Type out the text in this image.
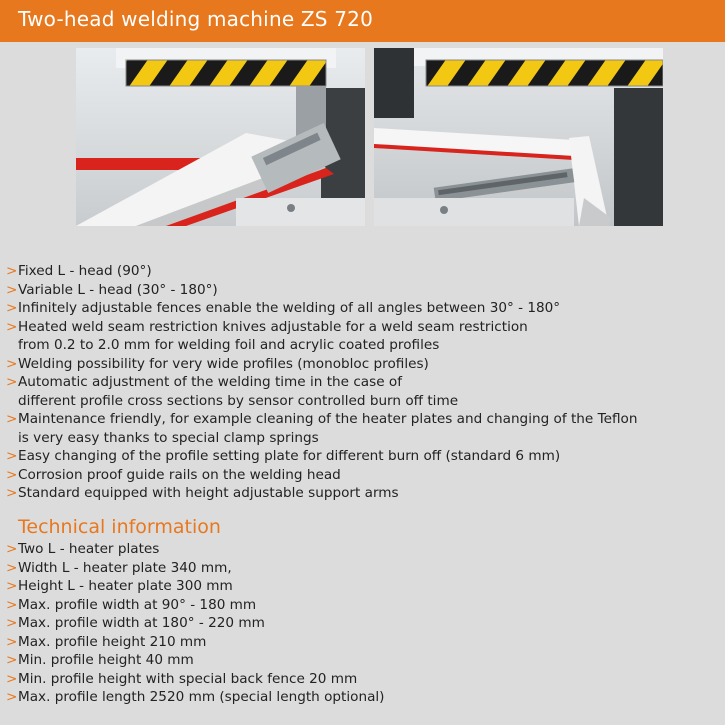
Two-head welding machine ZS 720
> Fixed L - head (90°)
> Variable L - head (30° - 180°)
> Infinitely adjustable fences enable the welding of all angles between 30° - 180°
> Heated weld seam restriction knives adjustable for a weld seam restriction
from 0.2 to 2.0 mm for welding foil and acrylic coated profiles
> Welding possibility for very wide profiles (monobloc profiles)
> Automatic adjustment of the welding time in the case of
different profile cross sections by sensor controlled burn off time
> Maintenance friendly, for example cleaning of the heater plates and changing of the Teflon
is very easy thanks to special clamp springs
> Easy changing of the profile setting plate for different burn off (standard 6 mm)
> Corrosion proof guide rails on the welding head
> Standard equipped with height adjustable support arms
Technical information
> Two L - heater plates
> Width L - heater plate 340 mm,
> Height L - heater plate 300 mm
> Max. profile width at 90° - 180 mm
> Max. profile width at 180° - 220 mm
> Max. profile height 210 mm
> Min. profile height 40 mm
> Min. profile height with special back fence 20 mm
> Max. profile length 2520 mm (special length optional)
